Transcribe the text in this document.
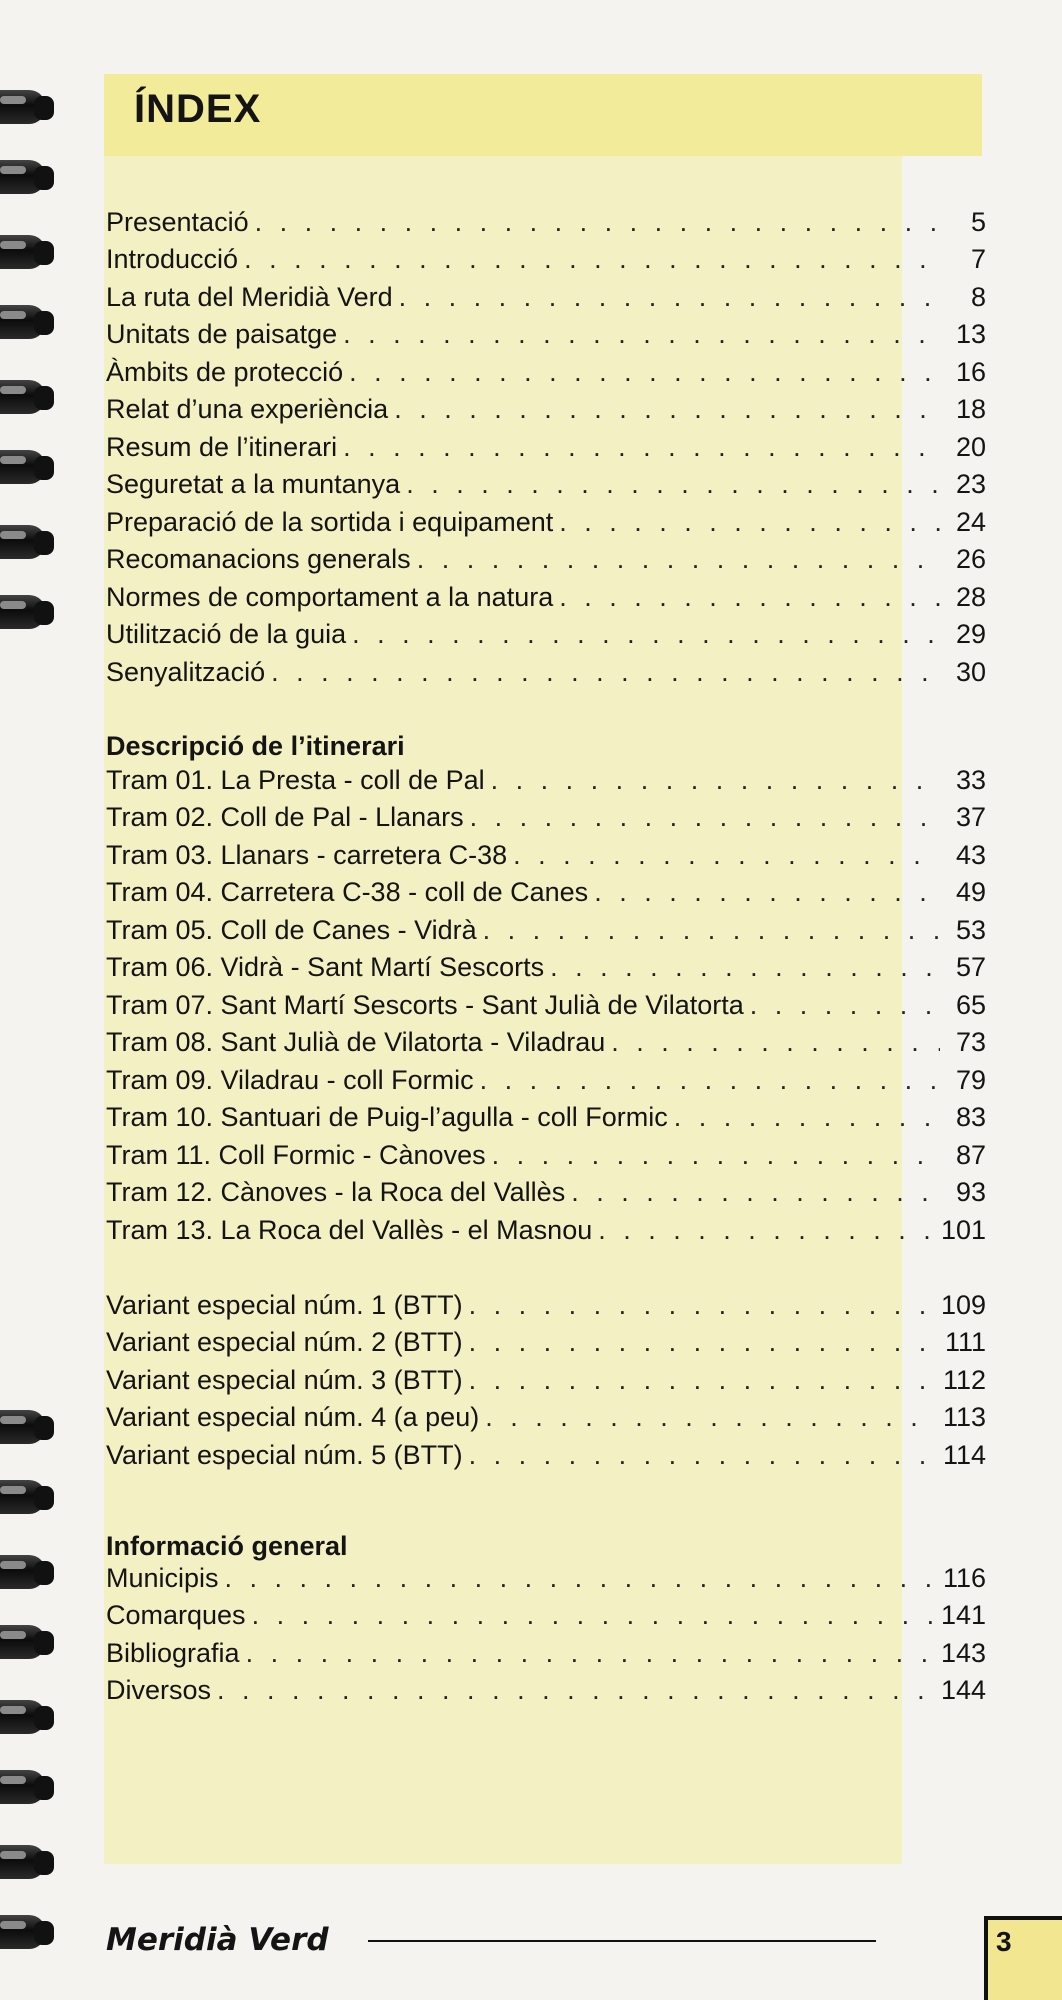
ÍNDEX
Presentació . . .	5
Introducció . . .	7
La ruta del Meridià Verd . . .	8
Unitats de paisatge . . .	13
Àmbits de protecció . . .	16
Relat d’una experiència . . .	18
Resum de l’itinerari . . .	20
Seguretat a la muntanya . . .	23
Preparació de la sortida i equipament . . .	24
Recomanacions generals . . .	26
Normes de comportament a la natura . . .	28
Utilització de la guia . . .	29
Senyalització . . .	30
Descripció de l’itinerari
Tram 01. La Presta - coll de Pal . . .	33
Tram 02. Coll de Pal - Llanars . . .	37
Tram 03. Llanars - carretera C-38 . . .	43
Tram 04. Carretera C-38 - coll de Canes . . .	49
Tram 05. Coll de Canes - Vidrà . . .	53
Tram 06. Vidrà - Sant Martí Sescorts . . .	57
Tram 07. Sant Martí Sescorts - Sant Julià de Vilatorta . . .	65
Tram 08. Sant Julià de Vilatorta - Viladrau . . .	73
Tram 09. Viladrau - coll Formic . . .	79
Tram 10. Santuari de Puig-l’agulla - coll Formic . . .	83
Tram 11. Coll Formic - Cànoves . . .	87
Tram 12. Cànoves - la Roca del Vallès . . .	93
Tram 13. La Roca del Vallès - el Masnou . . .	101
Variant especial núm. 1 (BTT) . . .	109
Variant especial núm. 2 (BTT) . . .	111
Variant especial núm. 3 (BTT) . . .	112
Variant especial núm. 4 (a peu) . . .	113
Variant especial núm. 5 (BTT) . . .	114
Informació general
Municipis . . .	116
Comarques . . .	141
Bibliografia . . .	143
Diversos . . .	144
Meridià Verd	3
